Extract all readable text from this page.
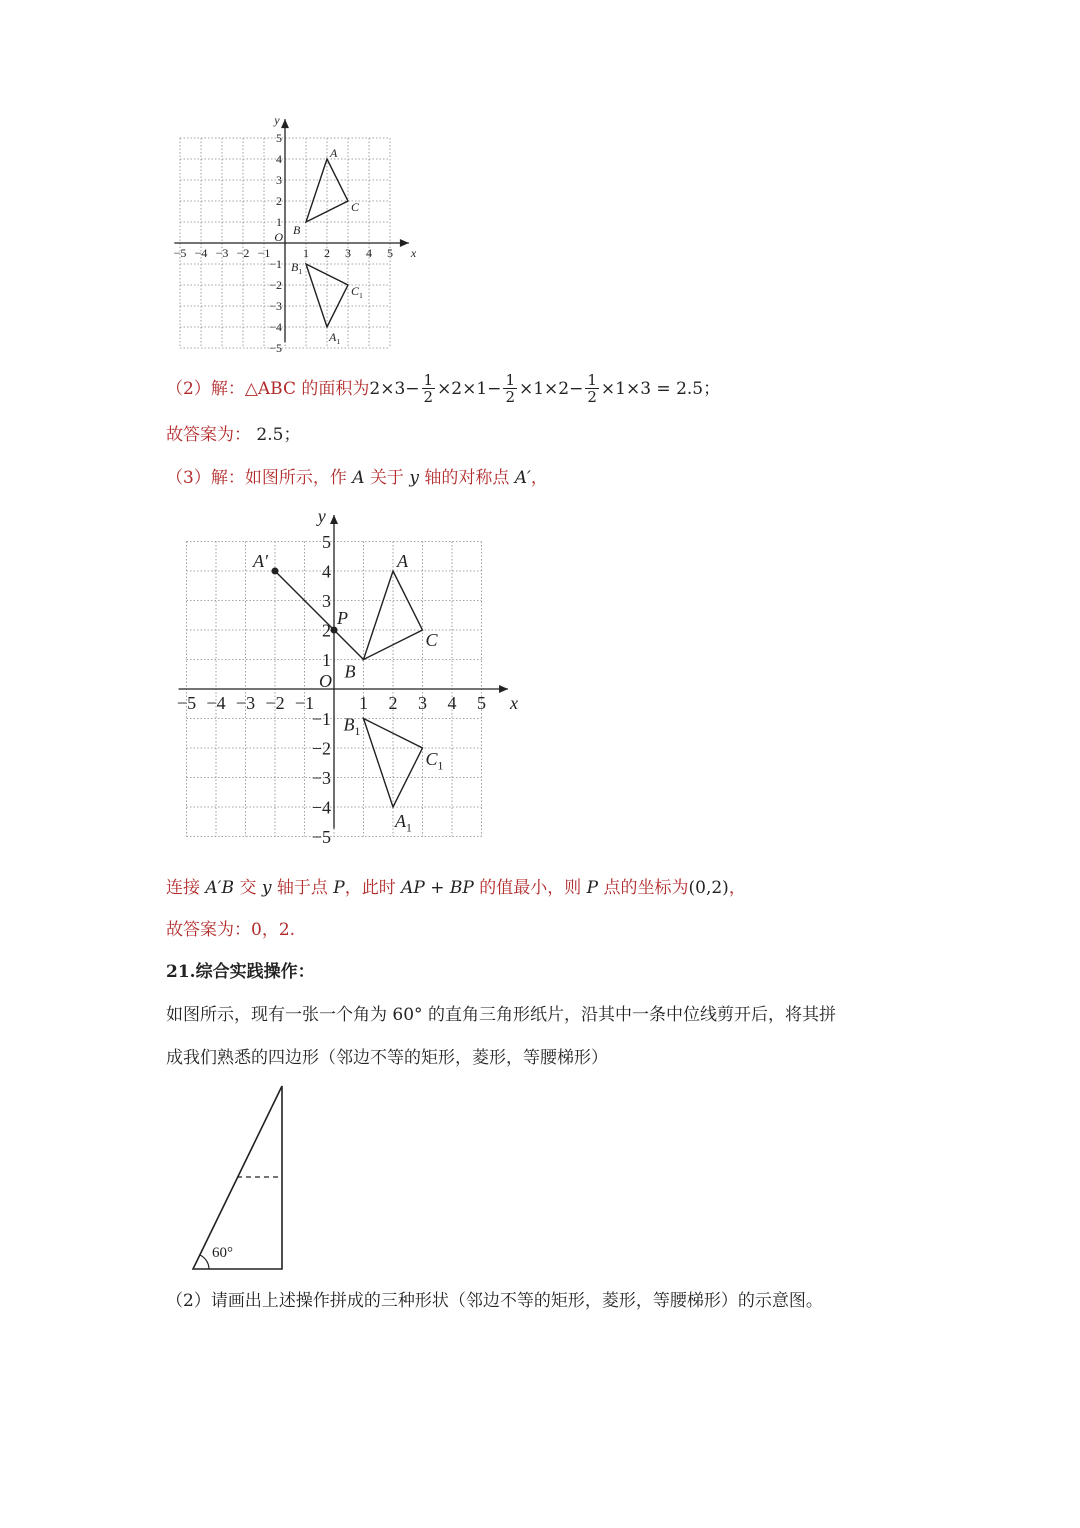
−5 −4 −3 −2 −1	1 2 3 4 5
5
4
3
2
1
−1
−2
−3
−4
−5
O
x
y
A
B
C
$B_1$
$C_1$
$A_1$
（2）解：△ABC 的面积为 $2\times 3- \frac{1}{2} \times 2\times 1- \frac{1}{2} \times 1\times 2- \frac{1}{2} \times 1\times 3 = 2.5$ ；
故答案为： 2.5；
（3）解：如图所示，作 A 关于 y 轴的对称点 A′，
−5 −4 −3 −2 −1 1 2 3 4 5
5
4
3
2
1
−1
−2
−3
−4
−5
O
x
y
A′
P
A
B
C
$B_1$
$C_1$
$A_1$
连接 A′B 交 y 轴于点 P，此时 AP + BP 的值最小，则 P 点的坐标为(0,2)，
故答案为：0，2.
21.综合实践操作：
如图所示，现有一张一个角为 60° 的直角三角形纸片，沿其中一条中位线剪开后，将其拼
成我们熟悉的四边形（邻边不等的矩形，菱形，等腰梯形）
60°
（2）请画出上述操作拼成的三种形状（邻边不等的矩形，菱形，等腰梯形）的示意图。
